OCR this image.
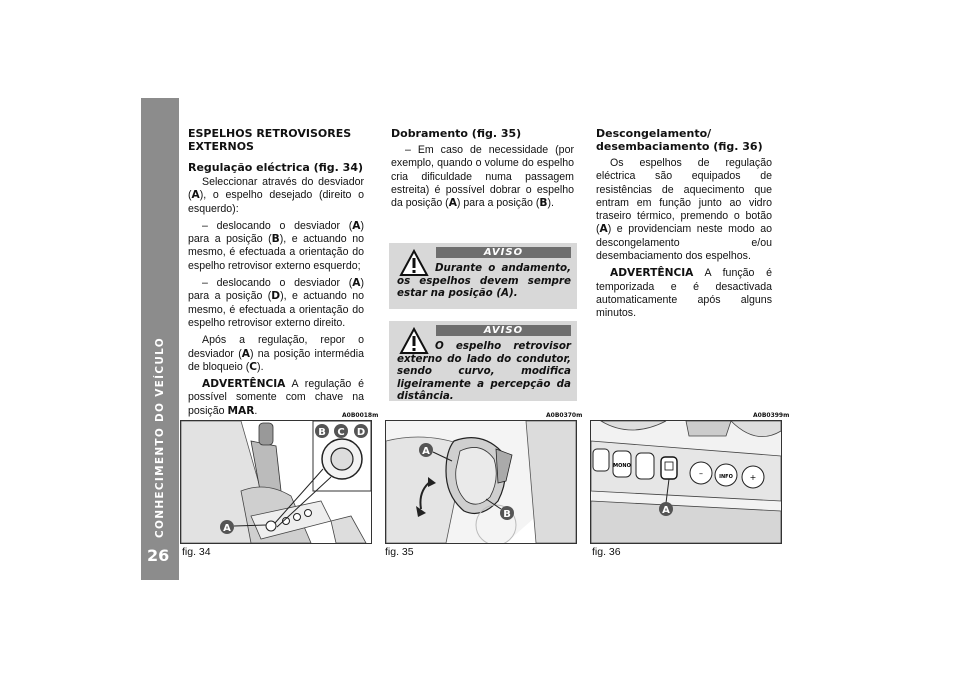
CONHECIMENTO DO VEÍCULO
26
ESPELHOS RETROVISORES EXTERNOS
Regulação eléctrica (fig. 34)

Seleccionar através do desviador (A), o espelho desejado (direito o esquerdo):

– deslocando o desviador (A) para a posição (B), e actuando no mesmo, é efectuada a orientação do espelho retrovisor externo esquerdo;

– deslocando o desviador (A) para a posição (D), e actuando no mesmo, é efectuada a orientação do espelho retrovisor externo direito.

Após a regulação, repor o desviador (A) na posição intermédia de bloqueio (C).

ADVERTÊNCIA A regulação é possível somente com chave na posição MAR.

Dobramento (fig. 35)

– Em caso de necessidade (por exemplo, quando o volume do espelho cria dificuldade numa passagem estreita) é possível dobrar o espelho da posição (A) para a posição (B).

AVISO
Durante o andamento, os espelhos devem sempre estar na posição (A).
AVISO
O espelho retrovisor externo do lado do condutor, sendo curvo, modifica ligeiramente a percepção da distância.
Descongelamento/ desembaciamento (fig. 36)

Os espelhos de regulação eléctrica são equipados de resistências de aquecimento que entram em função junto ao vidro traseiro térmico, premendo o botão (A) e providenciam neste modo ao descongelamento e/ou desembaciamento dos espelhos.

ADVERTÊNCIA A função é temporizada e é desactivada automaticamente após alguns minutos.

A0B0018m
B C D
A
fig. 34
A0B0370m
A
B
fig. 35
A0B0399m
MONO
–	INFO +
A
fig. 36
